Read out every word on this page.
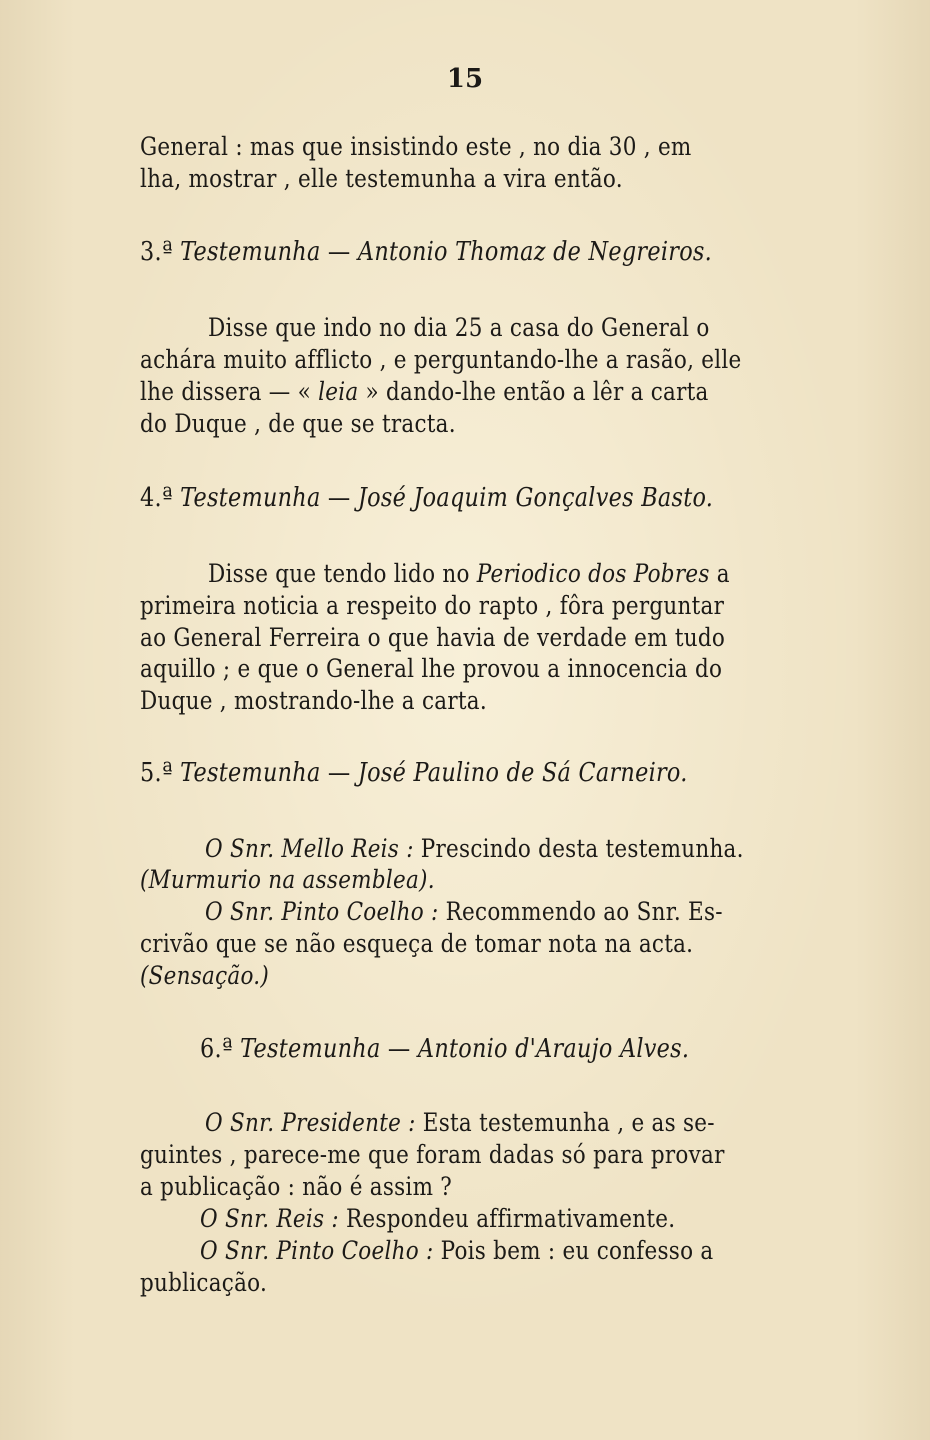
15
General : mas que insistindo este , no dia 30 , em
lha, mostrar , elle testemunha a vira então.
3.ª Testemunha — Antonio Thomaz de Negreiros.
Disse que indo no dia 25 a casa do General o
achára muito afflicto , e perguntando-lhe a rasão, elle
lhe dissera — « leia » dando-lhe então a lêr a carta
do Duque , de que se tracta.
4.ª Testemunha — José Joaquim Gonçalves Basto.
Disse que tendo lido no Periodico dos Pobres a
primeira noticia a respeito do rapto , fôra perguntar
ao General Ferreira o que havia de verdade em tudo
aquillo ; e que o General lhe provou a innocencia do
Duque , mostrando-lhe a carta.
5.ª Testemunha — José Paulino de Sá Carneiro.
O Snr. Mello Reis : Prescindo desta testemunha.
(Murmurio na assemblea).
O Snr. Pinto Coelho : Recommendo ao Snr. Es-
crivão que se não esqueça de tomar nota na acta.
(Sensação.)
6.ª Testemunha — Antonio d'Araujo Alves.
O Snr. Presidente : Esta testemunha , e as se-
guintes , parece-me que foram dadas só para provar
a publicação : não é assim ?
O Snr. Reis : Respondeu affirmativamente.
O Snr. Pinto Coelho : Pois bem : eu confesso a
publicação.
